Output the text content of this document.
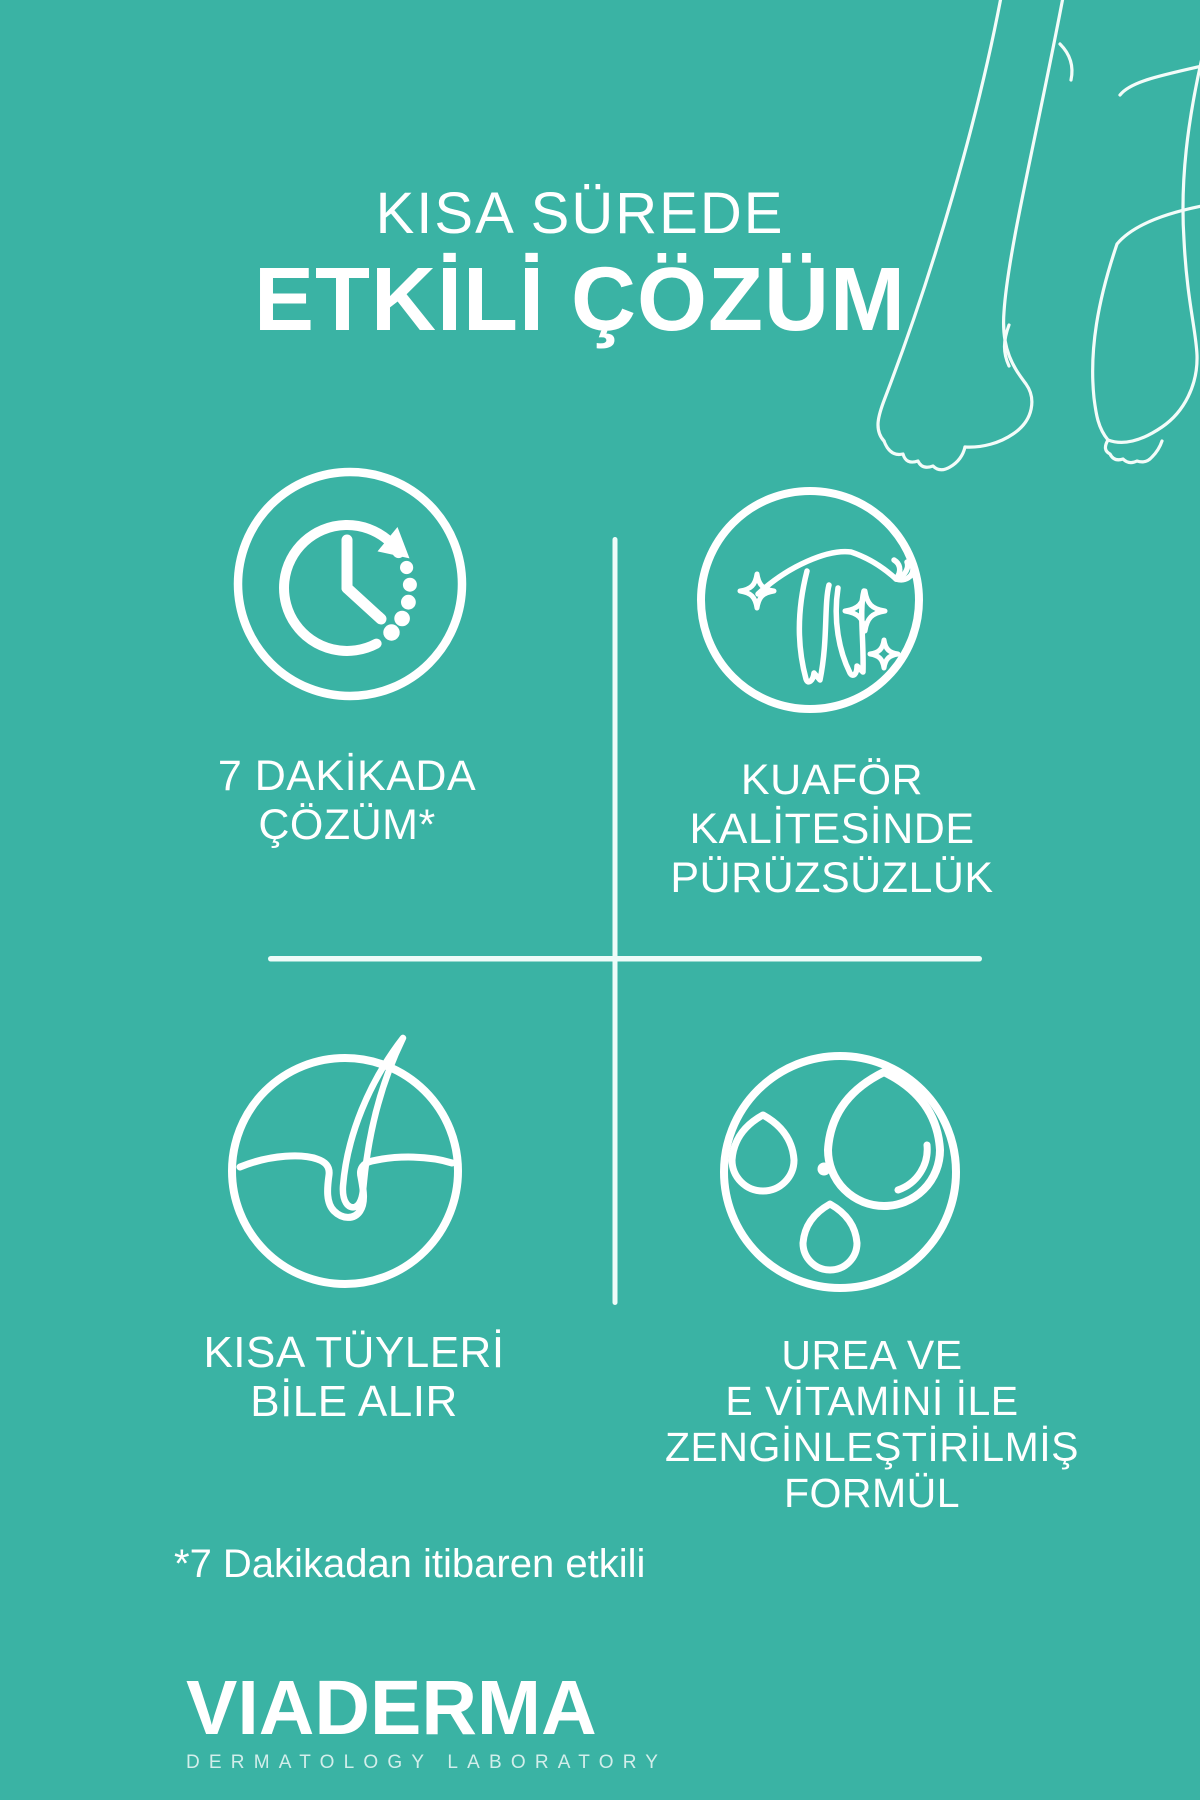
KISA SÜREDE
ETKİLİ ÇÖZÜM
7 DAKİKADA
ÇÖZÜM*
KUAFÖR
KALİTESİNDE
PÜRÜZSÜZLÜK
KISA TÜYLERİ
BİLE ALIR
UREA VE
E VİTAMİNİ İLE
ZENGİNLEŞTİRİLMİŞ
FORMÜL
*7 Dakikadan itibaren etkili
VIADERMA
DERMATOLOGY LABORATORY
